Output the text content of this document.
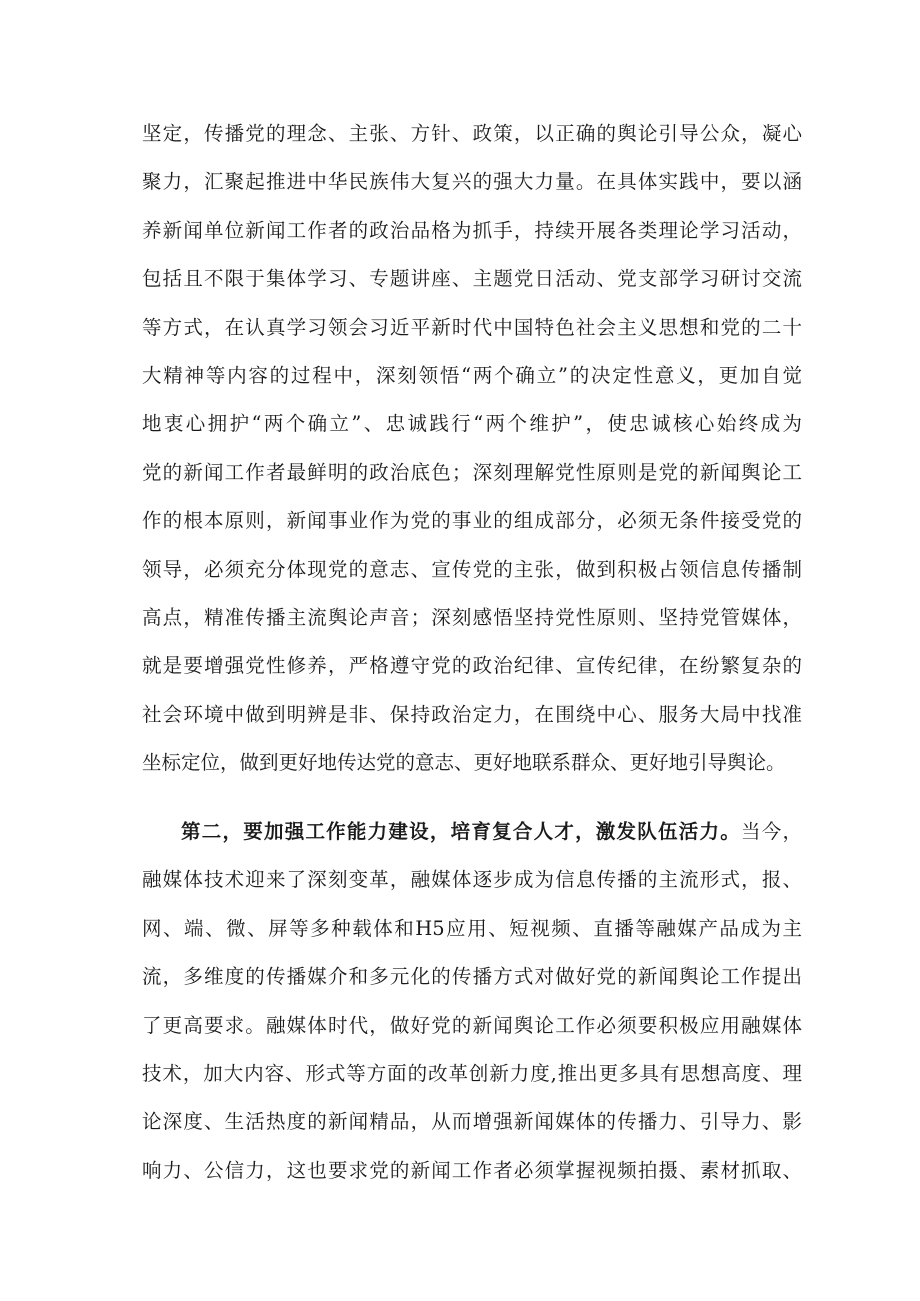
坚定，传播党的理念、主张、方针、政策，以正确的舆论引导公众，凝心
聚力，汇聚起推进中华民族伟大复兴的强大力量。在具体实践中，要以涵
养新闻单位新闻工作者的政治品格为抓手，持续开展各类理论学习活动，
包括且不限于集体学习、专题讲座、主题党日活动、党支部学习研讨交流
等方式，在认真学习领会习近平新时代中国特色社会主义思想和党的二十
大精神等内容的过程中，深刻领悟“两个确立”的决定性意义，更加自觉
地衷心拥护“两个确立”、忠诚践行“两个维护”，使忠诚核心始终成为
党的新闻工作者最鲜明的政治底色；深刻理解党性原则是党的新闻舆论工
作的根本原则，新闻事业作为党的事业的组成部分，必须无条件接受党的
领导，必须充分体现党的意志、宣传党的主张，做到积极占领信息传播制
高点，精准传播主流舆论声音；深刻感悟坚持党性原则、坚持党管媒体，
就是要增强党性修养，严格遵守党的政治纪律、宣传纪律，在纷繁复杂的
社会环境中做到明辨是非、保持政治定力，在围绕中心、服务大局中找准
坐标定位，做到更好地传达党的意志、更好地联系群众、更好地引导舆论。
第二，要加强工作能力建设，培育复合人才，激发队伍活力。当今，
融媒体技术迎来了深刻变革，融媒体逐步成为信息传播的主流形式，报、
网、端、微、屏等多种载体和H5应用、短视频、直播等融媒产品成为主
流，多维度的传播媒介和多元化的传播方式对做好党的新闻舆论工作提出
了更高要求。融媒体时代，做好党的新闻舆论工作必须要积极应用融媒体
技术，加大内容、形式等方面的改革创新力度,推出更多具有思想高度、理
论深度、生活热度的新闻精品，从而增强新闻媒体的传播力、引导力、影
响力、公信力，这也要求党的新闻工作者必须掌握视频拍摄、素材抓取、
